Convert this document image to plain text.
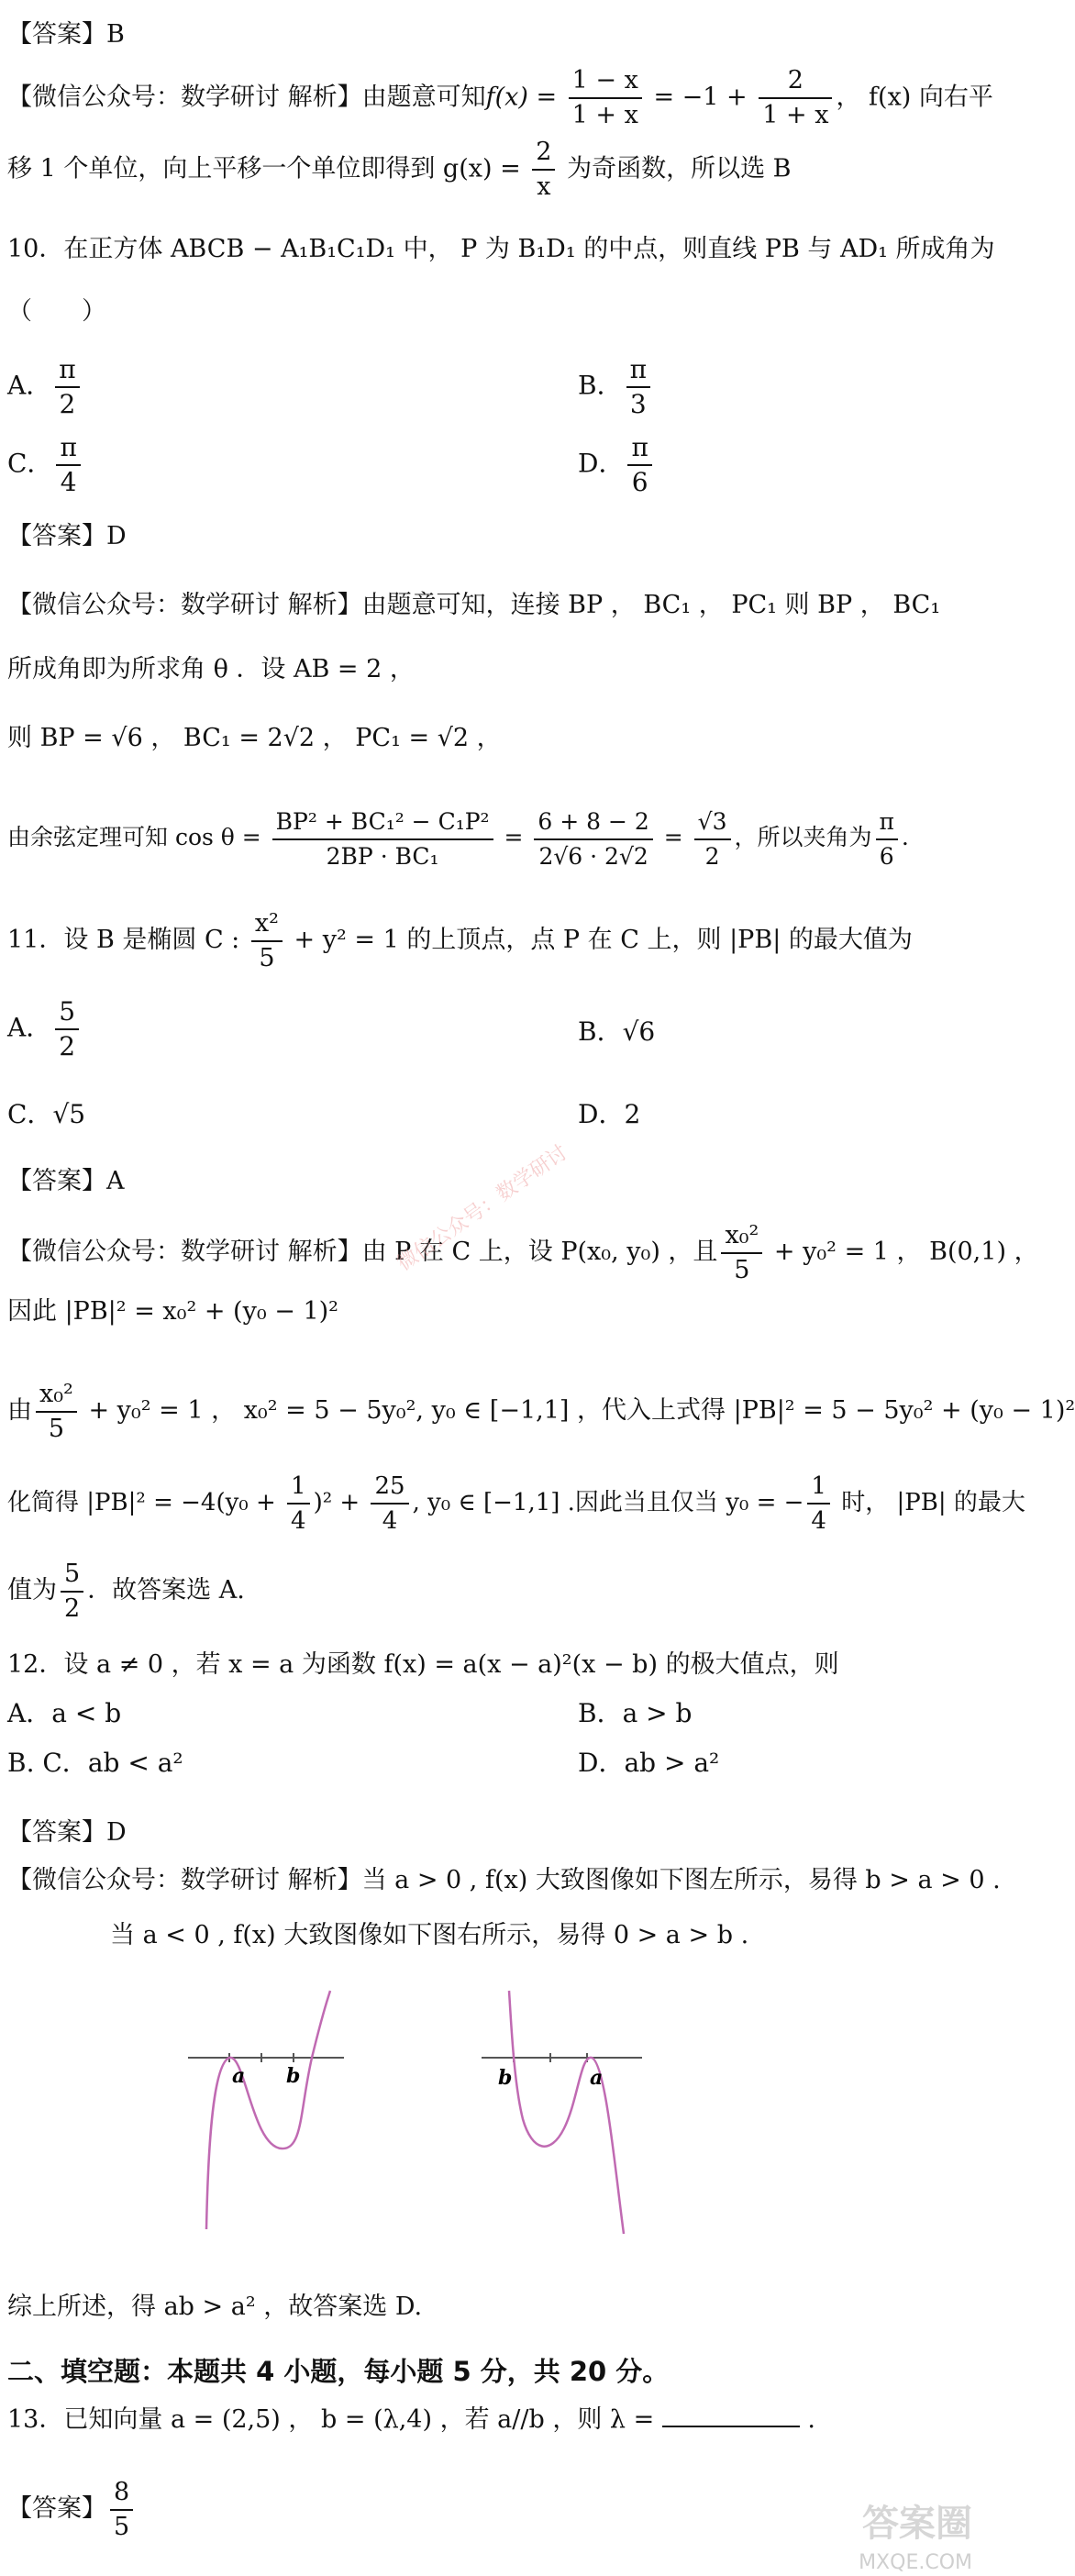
【答案】B
【微信公众号：数学研讨 解析】由题意可知$f(x) = \frac{1 - x}{1 + x} = -1 + \frac{2}{1 + x}$ ， f(x) 向右平
移 1 个单位，向上平移一个单位即得到 $g(x) = \frac{2}{x}$ 为奇函数，所以选 B
10．在正方体 ABCB − A₁B₁C₁D₁ 中， P 为 B₁D₁ 的中点，则直线 PB 与 AD₁ 所成角为
（　　）
A． $\frac{\pi}{2}$	B． $\frac{\pi}{3}$
C． $\frac{\pi}{4}$	D． $\frac{\pi}{6}$
【答案】D
【微信公众号：数学研讨 解析】由题意可知，连接 BP ， BC₁ ， PC₁ 则 BP ， BC₁
所成角即为所求角 θ ．设 AB = 2 ，
则 BP = √6 ， BC₁ = 2√2 ， PC₁ = √2 ，
由余弦定理可知 $\cos \theta = \frac{\text{BP² + BC₁² − C₁P²}}{\text{2BP · BC₁}} = \frac{6 + 8 - 2}{2√6 \cdot 2√2} = \frac{√3}{2}$ ，所以夹角为 $\frac{\pi}{6}$ ．
11．设 B 是椭圆 C : $\frac{\text{x²}}{5} + y^2 = 1$ 的上顶点，点 P 在 C 上，则 |PB| 的最大值为
A． $\frac{5}{2}$	B．√6
C．√5	D．2
【答案】A
【微信公众号：数学研讨 解析】由 P 在 C 上，设 P(x₀, y₀) ，且 $\frac{\text{x₀²}}{5} + y_0^2 = 1$ ， B(0,1) ，
因此 |PB|² = x₀² + (y₀ − 1)²
由 $\frac{\text{x₀²}}{5} + y_0^2 = 1$ ， x₀² = 5 − 5y₀², y₀ ∈ [−1,1] ，代入上式得 |PB|² = 5 − 5y₀² + (y₀ − 1)²
化简得 $|PB|^2 = -4(y_0 + \frac{1}{4} )^2 + \frac{25}{4}$ , y₀ ∈ [−1,1] .因此当且仅当 y₀ = − $\frac{1}{4}$ 时， |PB| 的最大
值为 $\frac{5}{2}$ ．故答案选 A.
微信公众号：数学研讨
12．设 a ≠ 0 ，若 x = a 为函数 f(x) = a(x − a)²(x − b) 的极大值点，则
A．a < b	B．a > b
B. C．ab < a²	D．ab > a²
【答案】D
【微信公众号：数学研讨 解析】当 a > 0 , f(x) 大致图像如下图左所示，易得 b > a > 0 .
当 a < 0 , f(x) 大致图像如下图右所示，易得 0 > a > b .
a b	b	a
综上所述，得 ab > a² ，故答案选 D.
二、填空题：本题共 4 小题，每小题 5 分，共 20 分。
13．已知向量 a = (2,5) ， b = (λ,4) ，若 a//b ，则 λ =	.
【答案】 $\frac{8}{5}$	答案圈
MXQE.COM
